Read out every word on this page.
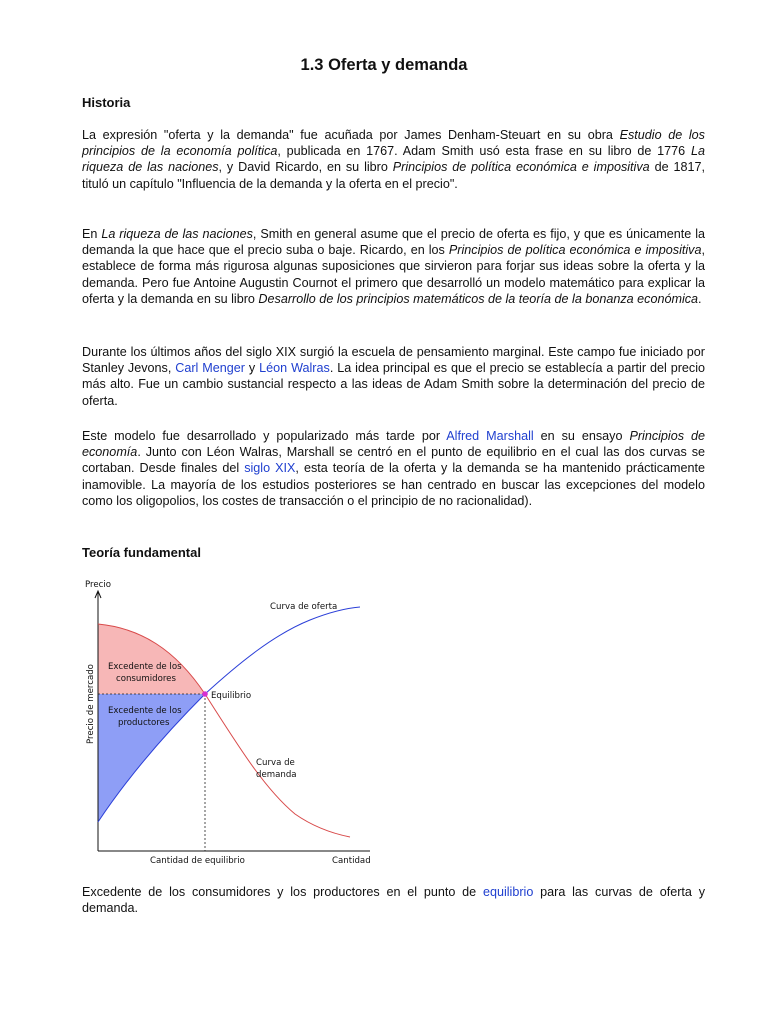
1.3 Oferta y demanda
Historia

La expresión "oferta y la demanda" fue acuñada por James Denham-Steuart en su obra Estudio de los principios de la economía política, publicada en 1767. Adam Smith usó esta frase en su libro de 1776 La riqueza de las naciones, y David Ricardo, en su libro Principios de política económica e impositiva de 1817, tituló un capítulo "Influencia de la demanda y la oferta en el precio".

En La riqueza de las naciones, Smith en general asume que el precio de oferta es fijo, y que es únicamente la demanda la que hace que el precio suba o baje. Ricardo, en los Principios de política económica e impositiva, establece de forma más rigurosa algunas suposiciones que sirvieron para forjar sus ideas sobre la oferta y la demanda. Pero fue Antoine Augustin Cournot el primero que desarrolló un modelo matemático para explicar la oferta y la demanda en su libro Desarrollo de los principios matemáticos de la teoría de la bonanza económica.

Durante los últimos años del siglo XIX surgió la escuela de pensamiento marginal. Este campo fue iniciado por Stanley Jevons, Carl Menger y Léon Walras. La idea principal es que el precio se establecía a partir del precio más alto. Fue un cambio sustancial respecto a las ideas de Adam Smith sobre la determinación del precio de oferta.

Este modelo fue desarrollado y popularizado más tarde por Alfred Marshall en su ensayo Principios de economía. Junto con Léon Walras, Marshall se centró en el punto de equilibrio en el cual las dos curvas se cortaban. Desde finales del siglo XIX, esta teoría de la oferta y la demanda se ha mantenido prácticamente inamovible. La mayoría de los estudios posteriores se han centrado en buscar las excepciones del modelo como los oligopolios, los costes de transacción o el principio de no racionalidad).

Teoría fundamental
Precio
Cantidad
Cantidad de equilibrio
Precio de mercado	Equilibrio
Curva de oferta
Curva de
demanda
Excedente de los
consumidores
Excedente de los
productores

Excedente de los consumidores y los productores en el punto de equilibrio para las curvas de oferta y demanda.
